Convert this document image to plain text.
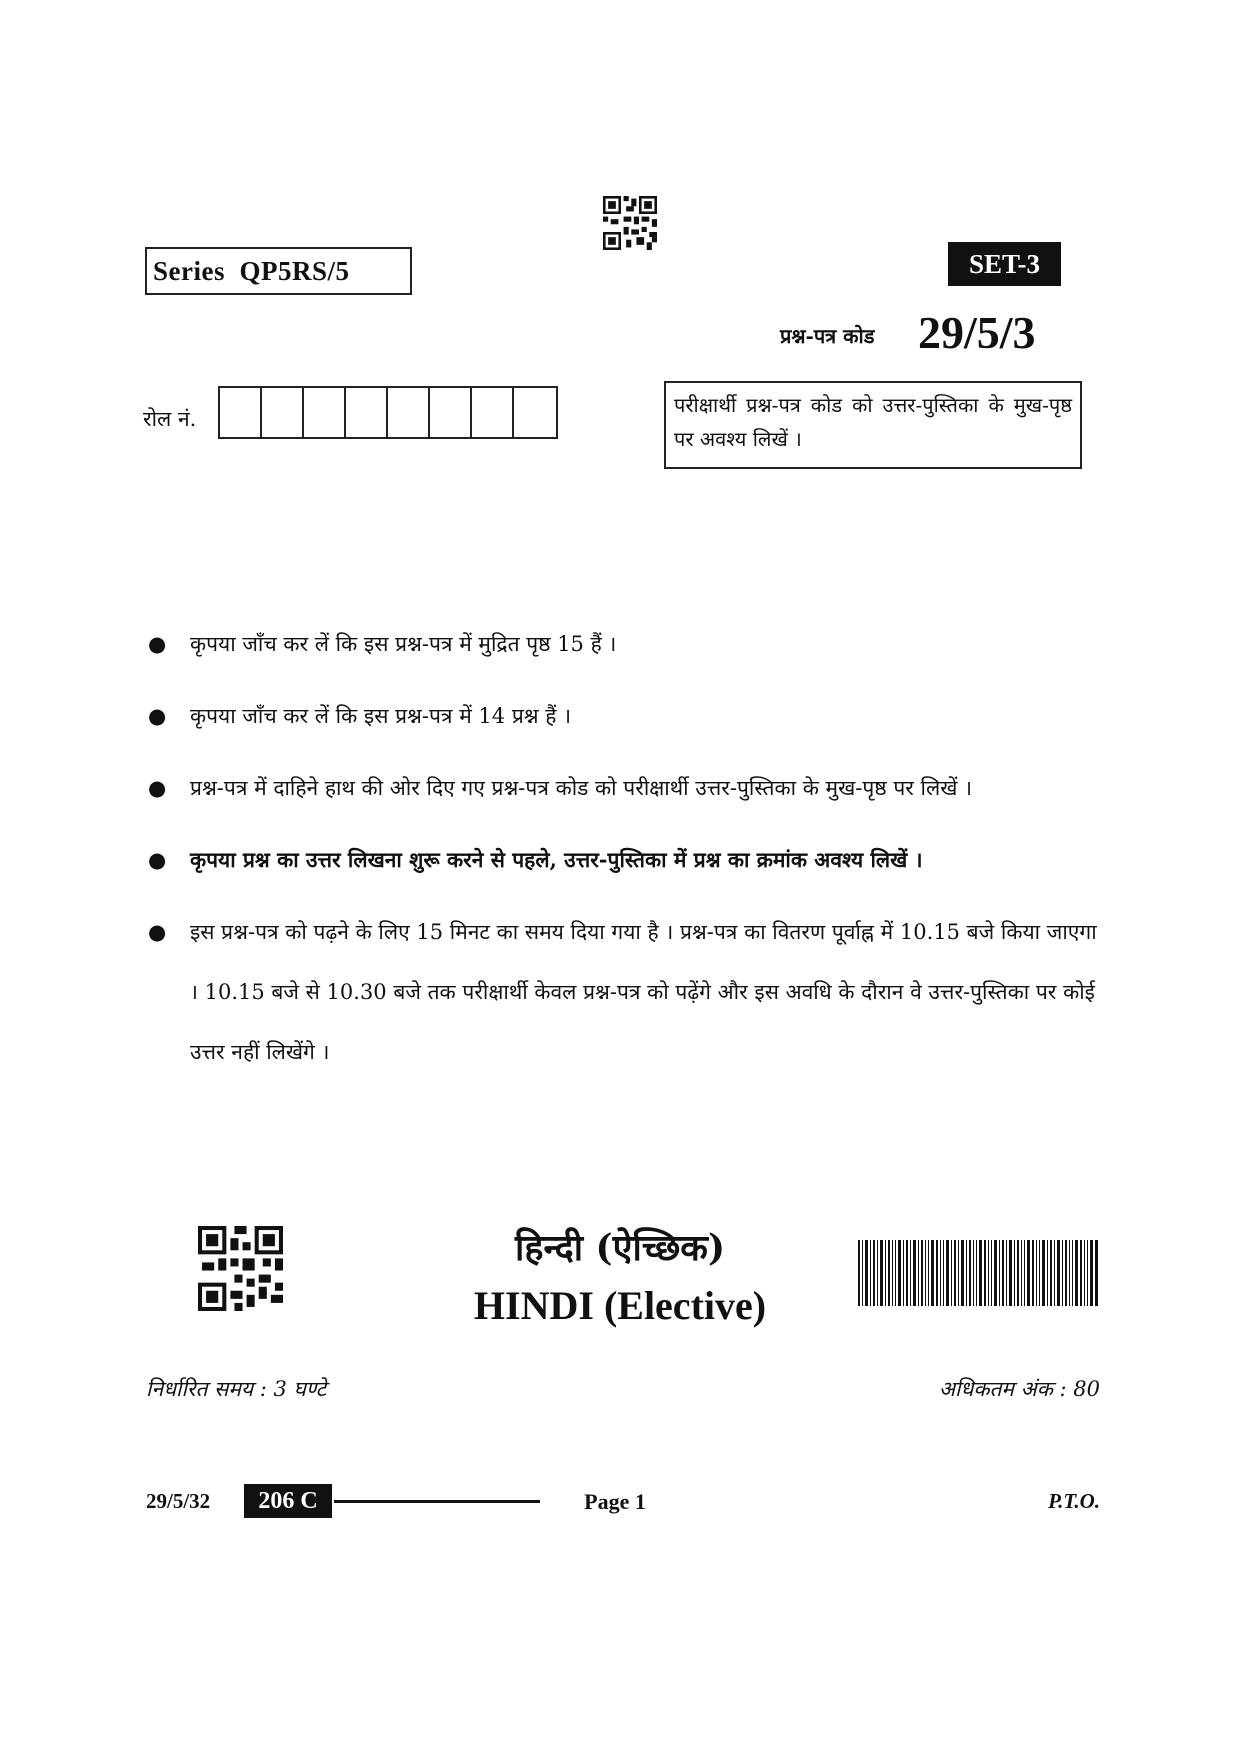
Series  QP5RS/5	SET-3
प्रश्न-पत्र कोड 29/5/3
रोल नं.
परीक्षार्थी प्रश्न-पत्र कोड को उत्तर-पुस्तिका के मुख-पृष्ठ पर अवश्य लिखें ।
● कृपया जाँच कर लें कि इस प्रश्न-पत्र में मुद्रित पृष्ठ 15 हैं ।
● कृपया जाँच कर लें कि इस प्रश्न-पत्र में 14 प्रश्न हैं ।
● प्रश्न-पत्र में दाहिने हाथ की ओर दिए गए प्रश्न-पत्र कोड को परीक्षार्थी उत्तर-पुस्तिका के मुख-पृष्ठ पर लिखें ।
● कृपया प्रश्न का उत्तर लिखना शुरू करने से पहले, उत्तर-पुस्तिका में प्रश्न का क्रमांक अवश्य लिखें ।
● इस प्रश्न-पत्र को पढ़ने के लिए 15 मिनट का समय दिया गया है । प्रश्न-पत्र का वितरण पूर्वाह्न में 10.15 बजे किया जाएगा । 10.15 बजे से 10.30 बजे तक परीक्षार्थी केवल प्रश्न-पत्र को पढ़ेंगे और इस अवधि के दौरान वे उत्तर-पुस्तिका पर कोई उत्तर नहीं लिखेंगे ।
हिन्दी (ऐच्छिक)
HINDI (Elective)
निर्धारित समय : 3 घण्टे	अधिकतम अंक : 80
29/5/32	206 C	Page 1	P.T.O.
